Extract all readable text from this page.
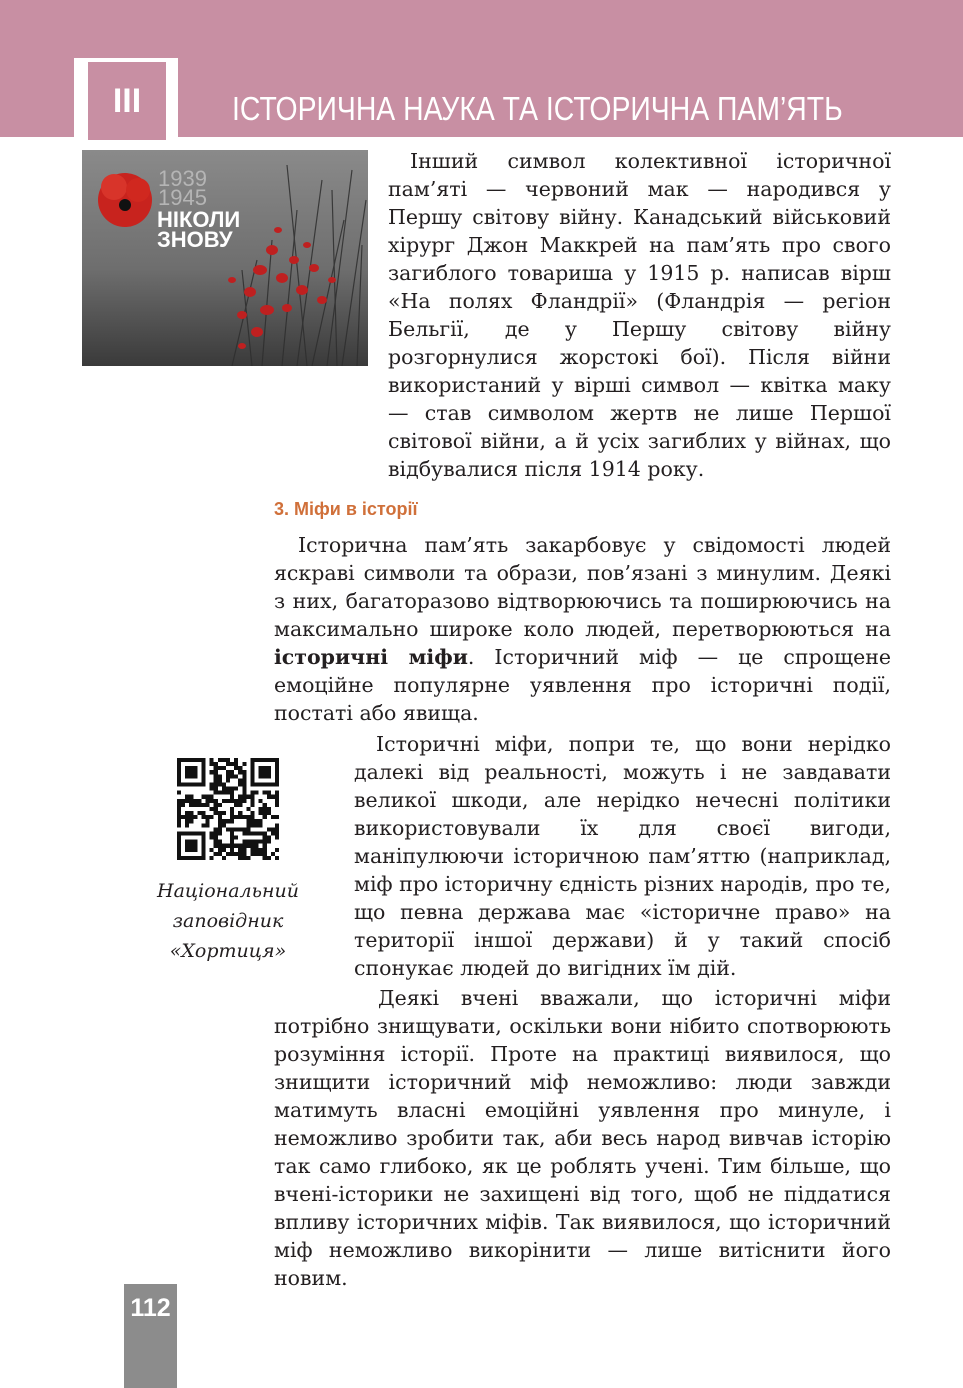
III	ІСТОРИЧНА НАУКА ТА ІСТОРИЧНА ПАМ’ЯТЬ
1939
1945
НІКОЛИ
ЗНОВУ

Інший символ колективної історичної пам’яті — червоний мак — народився у Першу світову війну. Канадський військовий хірург Джон Маккрей на пам’ять про свого загиблого товариша у 1915 р. написав вірш «На полях Фландрії» (Фландрія — регіон Бельгії, де у Першу світову війну розгорнулися жорстокі бої). Після війни використаний у вірші символ — квітка маку — став символом жертв не лише Першої світової війни, а й усіх загиблих у війнах, що відбувалися після 1914 року.

3. Міфи в історії

Історична пам’ять закарбовує у свідомості людей яскраві символи та образи, пов’язані з минулим. Деякі з них, багаторазово відтворюючись та поширюючись на максимально широке коло людей, перетворюються на історичні міфи. Історичний міф — це спрощене емоційне популярне уявлення про історичні події, постаті або явища.

Національний
заповідник
«Хортиця»

Історичні міфи, попри те, що вони нерідко далекі від реальності, можуть і не завдавати великої шкоди, але нерідко нечесні політики використовували їх для своєї вигоди, маніпулюючи історичною пам’яттю (наприклад, міф про історичну єдність різних народів, про те, що певна держава має «історичне право» на території іншої держави) й у такий спосіб спонукає людей до вигідних їм дій.

Деякі вчені вважали, що історичні міфи потрібно знищувати, оскільки вони нібито спотворюють розуміння історії. Проте на практиці виявилося, що знищити історичний міф неможливо: люди завжди матимуть власні емоційні уявлення про минуле, і неможливо зробити так, аби весь народ вивчав історію так само глибоко, як це роблять учені. Тим більше, що вчені-історики не захищені від того, щоб не піддатися впливу історичних міфів. Так виявилося, що історичний міф неможливо викорінити — лише витіснити його новим.

112
